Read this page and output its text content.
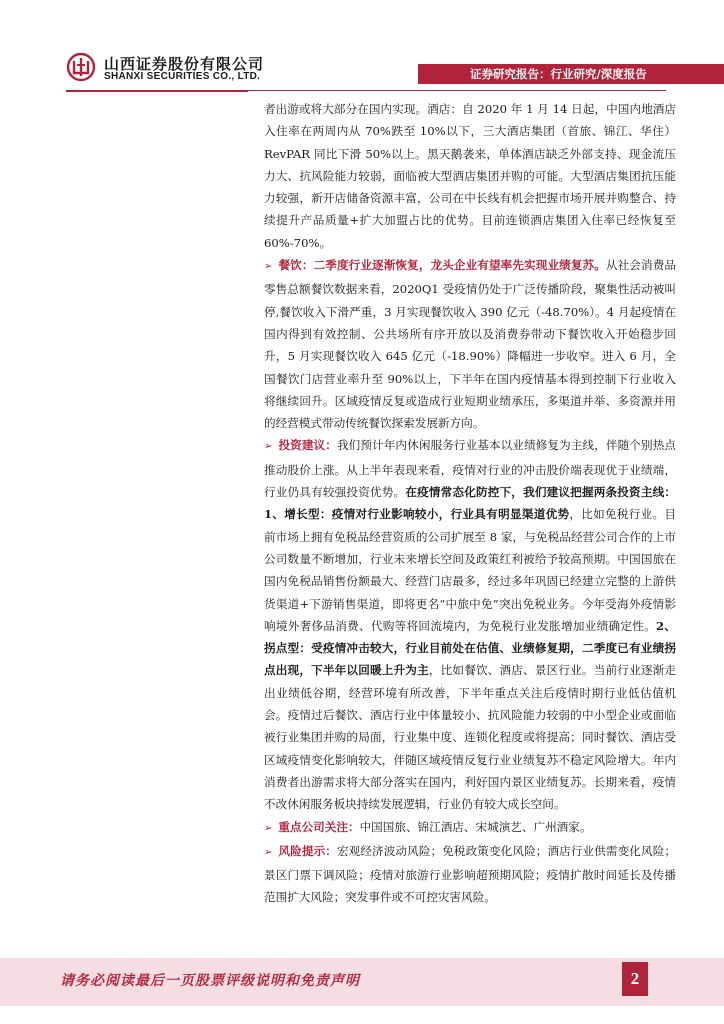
山西证券股份有限公司
SHANXI SECURITIES CO., LTD.	证券研究报告：行业研究/深度报告

者出游或将大部分在国内实现。酒店：自 2020 年 1 月 14 日起，中国内地酒店入住率在两周内从 70%跌至 10%以下，三大酒店集团（首旅、锦江、华住）RevPAR 同比下滑 50%以上。黑天鹅袭来，单体酒店缺乏外部支持、现金流压力大、抗风险能力较弱，面临被大型酒店集团并购的可能。大型酒店集团抗压能力较强，新开店储备资源丰富，公司在中长线有机会把握市场开展并购整合、持续提升产品质量+扩大加盟占比的优势。目前连锁酒店集团入住率已经恢复至 60%-70%。

➢ 餐饮：二季度行业逐渐恢复，龙头企业有望率先实现业绩复苏。从社会消费品零售总额餐饮数据来看，2020Q1 受疫情仍处于广泛传播阶段，聚集性活动被叫停,餐饮收入下滑严重，3 月实现餐饮收入 390 亿元（-48.70%）。4 月起疫情在国内得到有效控制、公共场所有序开放以及消费券带动下餐饮收入开始稳步回升，5 月实现餐饮收入 645 亿元（-18.90%）降幅进一步收窄。进入 6 月，全国餐饮门店营业率升至 90%以上，下半年在国内疫情基本得到控制下行业收入将继续回升。区域疫情反复或造成行业短期业绩承压，多渠道并举、多资源并用的经营模式带动传统餐饮探索发展新方向。

➢ 投资建议：我们预计年内休闲服务行业基本以业绩修复为主线，伴随个别热点推动股价上涨。从上半年表现来看，疫情对行业的冲击股价端表现优于业绩端，行业仍具有较强投资优势。在疫情常态化防控下，我们建议把握两条投资主线：1、增长型：疫情对行业影响较小，行业具有明显渠道优势，比如免税行业。目前市场上拥有免税品经营资质的公司扩展至 8 家，与免税品经营公司合作的上市公司数量不断增加，行业未来增长空间及政策红利被给予较高预期。中国国旅在国内免税品销售份额最大、经营门店最多，经过多年巩固已经建立完整的上游供货渠道+下游销售渠道，即将更名“中旅中免”突出免税业务。今年受海外疫情影响境外奢侈品消费、代购等将回流境内，为免税行业发胀增加业绩确定性。2、拐点型：受疫情冲击较大，行业目前处在估值、业绩修复期，二季度已有业绩拐点出现，下半年以回暖上升为主，比如餐饮、酒店、景区行业。当前行业逐渐走出业绩低谷期，经营环境有所改善，下半年重点关注后疫情时期行业低估值机会。疫情过后餐饮、酒店行业中体量较小、抗风险能力较弱的中小型企业或面临被行业集团并购的局面，行业集中度、连锁化程度或将提高；同时餐饮、酒店受区域疫情变化影响较大，伴随区域疫情反复行业业绩复苏不稳定风险增大。年内消费者出游需求将大部分落实在国内，利好国内景区业绩复苏。长期来看，疫情不改休闲服务板块持续发展逻辑，行业仍有较大成长空间。

➢ 重点公司关注：中国国旅、锦江酒店、宋城演艺、广州酒家。

➢ 风险提示：宏观经济波动风险；免税政策变化风险；酒店行业供需变化风险；景区门票下调风险；疫情对旅游行业影响超预期风险；疫情扩散时间延长及传播范围扩大风险；突发事件或不可控灾害风险。

请务必阅读最后一页股票评级说明和免责声明	2
